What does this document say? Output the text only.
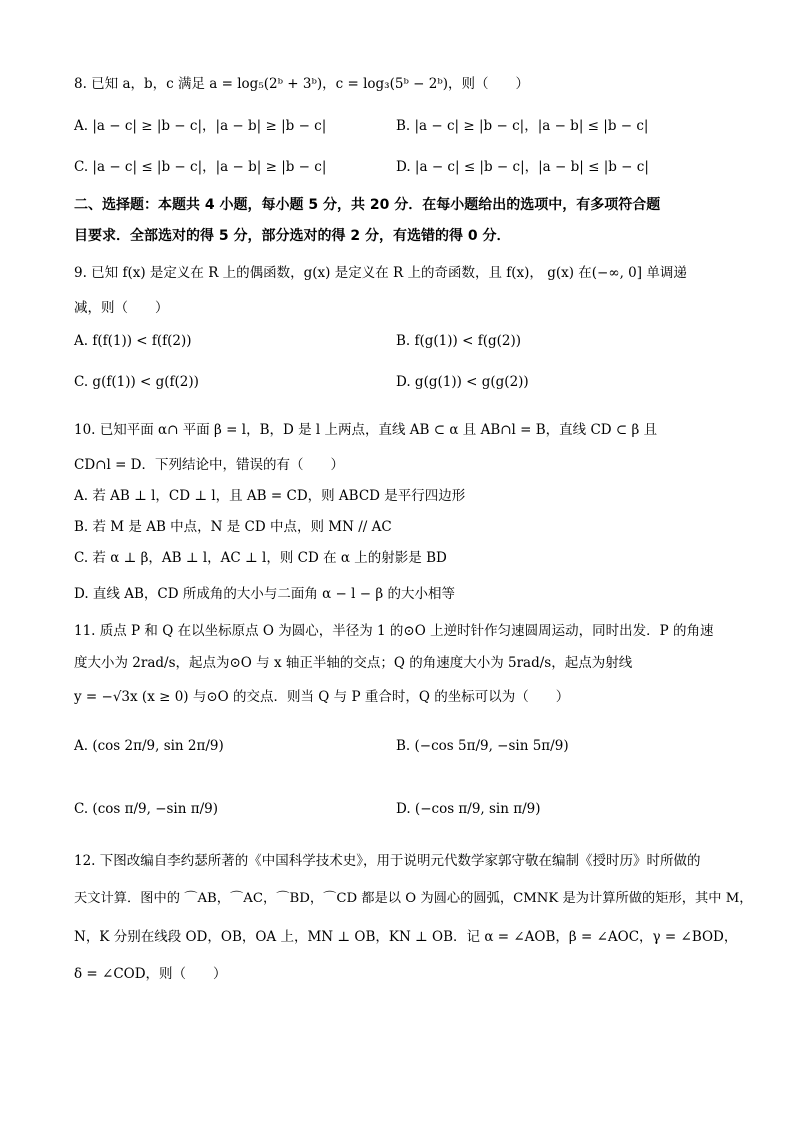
8. 已知 a，b，c 满足 a = log₅(2ᵇ + 3ᵇ)，c = log₃(5ᵇ − 2ᵇ)，则（　　）
A. |a − c| ≥ |b − c|，|a − b| ≥ |b − c|	B. |a − c| ≥ |b − c|，|a − b| ≤ |b − c|
C. |a − c| ≤ |b − c|，|a − b| ≥ |b − c|	D. |a − c| ≤ |b − c|，|a − b| ≤ |b − c|
二、选择题：本题共 4 小题，每小题 5 分，共 20 分．在每小题给出的选项中，有多项符合题
目要求．全部选对的得 5 分，部分选对的得 2 分，有选错的得 0 分．
9. 已知 f(x) 是定义在 R 上的偶函数，g(x) 是定义在 R 上的奇函数，且 f(x)， g(x) 在(−∞, 0] 单调递
减，则（　　）
A. f(f(1)) < f(f(2))	B. f(g(1)) < f(g(2))
C. g(f(1)) < g(f(2))	D. g(g(1)) < g(g(2))
10. 已知平面 α∩ 平面 β = l，B，D 是 l 上两点，直线 AB ⊂ α 且 AB∩l = B，直线 CD ⊂ β 且
CD∩l = D．下列结论中，错误的有（　　）
A. 若 AB ⊥ l，CD ⊥ l，且 AB = CD，则 ABCD 是平行四边形
B. 若 M 是 AB 中点，N 是 CD 中点，则 MN // AC
C. 若 α ⊥ β，AB ⊥ l，AC ⊥ l，则 CD 在 α 上的射影是 BD
D. 直线 AB，CD 所成角的大小与二面角 α − l − β 的大小相等
11. 质点 P 和 Q 在以坐标原点 O 为圆心，半径为 1 的⊙O 上逆时针作匀速圆周运动，同时出发．P 的角速
度大小为 2rad/s，起点为⊙O 与 x 轴正半轴的交点；Q 的角速度大小为 5rad/s，起点为射线
y = −√3x (x ≥ 0) 与⊙O 的交点．则当 Q 与 P 重合时，Q 的坐标可以为（　　）
A. (cos 2π/9, sin 2π/9)	B. (−cos 5π/9, −sin 5π/9)
C. (cos π/9, −sin π/9)	D. (−cos π/9, sin π/9)
12. 下图改编自李约瑟所著的《中国科学技术史》，用于说明元代数学家郭守敬在编制《授时历》时所做的
天文计算．图中的 ⌒AB，⌒AC，⌒BD，⌒CD 都是以 O 为圆心的圆弧，CMNK 是为计算所做的矩形，其中 M，
N，K 分别在线段 OD，OB，OA 上，MN ⊥ OB，KN ⊥ OB．记 α = ∠AOB，β = ∠AOC，γ = ∠BOD，
δ = ∠COD，则（　　）
